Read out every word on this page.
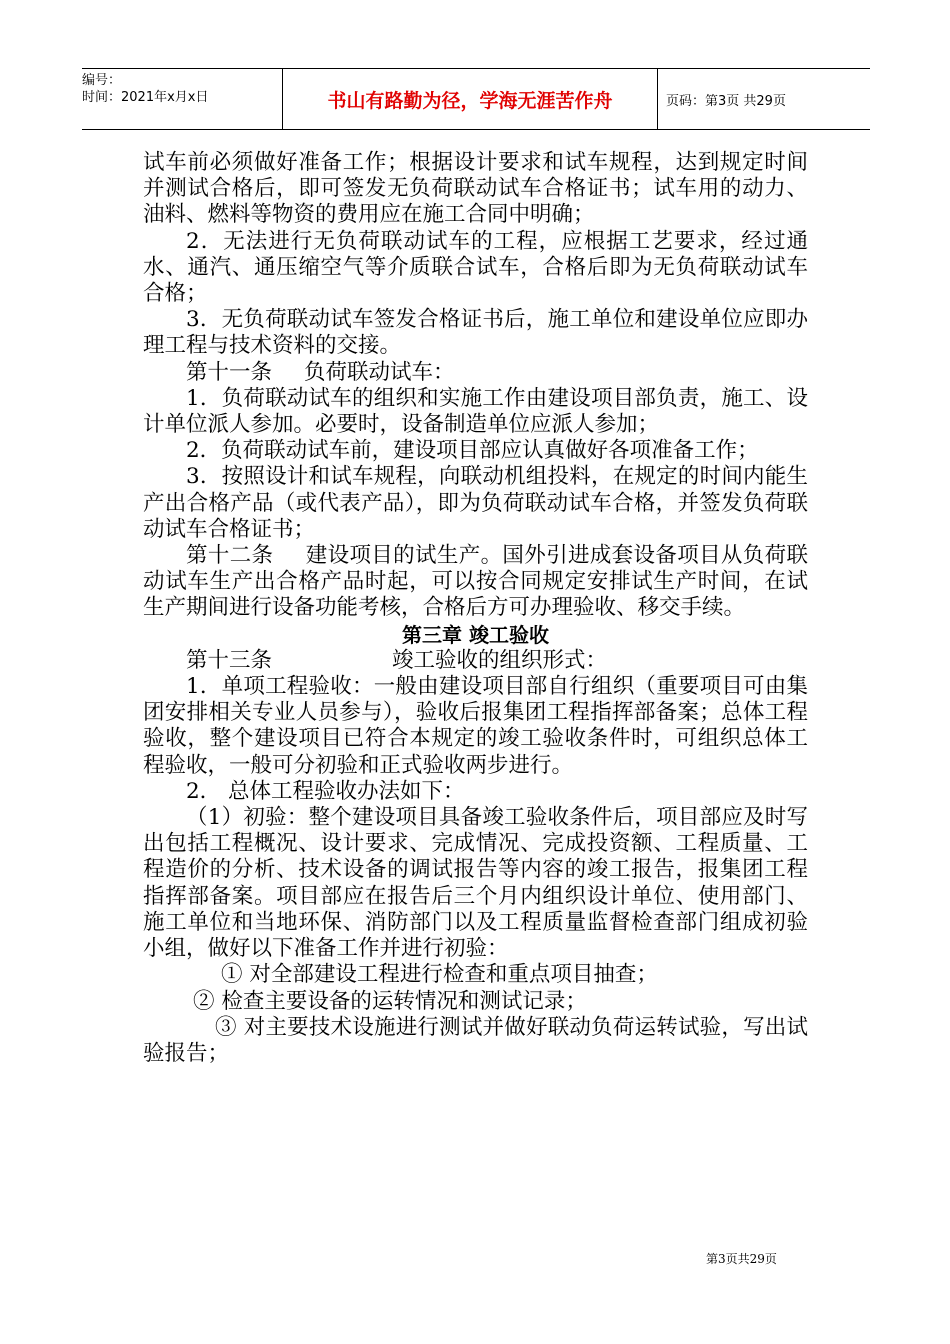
编号：
时间：2021年x月x日	书山有路勤为径，学海无涯苦作舟	页码：第3页 共29页

试车前必须做好准备工作；根据设计要求和试车规程，达到规定时间并测试合格后，即可签发无负荷联动试车合格证书；试车用的动力、油料、燃料等物资的费用应在施工合同中明确；

2．无法进行无负荷联动试车的工程，应根据工艺要求，经过通水、通汽、通压缩空气等介质联合试车，合格后即为无负荷联动试车合格；

3．无负荷联动试车签发合格证书后，施工单位和建设单位应即办理工程与技术资料的交接。

第十一条 负荷联动试车：

1．负荷联动试车的组织和实施工作由建设项目部负责，施工、设计单位派人参加。必要时，设备制造单位应派人参加；

2．负荷联动试车前，建设项目部应认真做好各项准备工作；

3．按照设计和试车规程，向联动机组投料，在规定的时间内能生产出合格产品（或代表产品），即为负荷联动试车合格，并签发负荷联动试车合格证书；

第十二条 建设项目的试生产。国外引进成套设备项目从负荷联动试车生产出合格产品时起，可以按合同规定安排试生产时间，在试生产期间进行设备功能考核，合格后方可办理验收、移交手续。

第三章 竣工验收

第十三条	竣工验收的组织形式：

1．单项工程验收：一般由建设项目部自行组织（重要项目可由集团安排相关专业人员参与），验收后报集团工程指挥部备案；总体工程验收，整个建设项目已符合本规定的竣工验收条件时，可组织总体工程验收，一般可分初验和正式验收两步进行。

2． 总体工程验收办法如下：

（1）初验：整个建设项目具备竣工验收条件后，项目部应及时写出包括工程概况、设计要求、完成情况、完成投资额、工程质量、工程造价的分析、技术设备的调试报告等内容的竣工报告，报集团工程指挥部备案。项目部应在报告后三个月内组织设计单位、使用部门、施工单位和当地环保、消防部门以及工程质量监督检查部门组成初验小组，做好以下准备工作并进行初验：

① 对全部建设工程进行检查和重点项目抽查；

② 检查主要设备的运转情况和测试记录；

③ 对主要技术设施进行测试并做好联动负荷运转试验，写出试验报告；

第3页共29页
